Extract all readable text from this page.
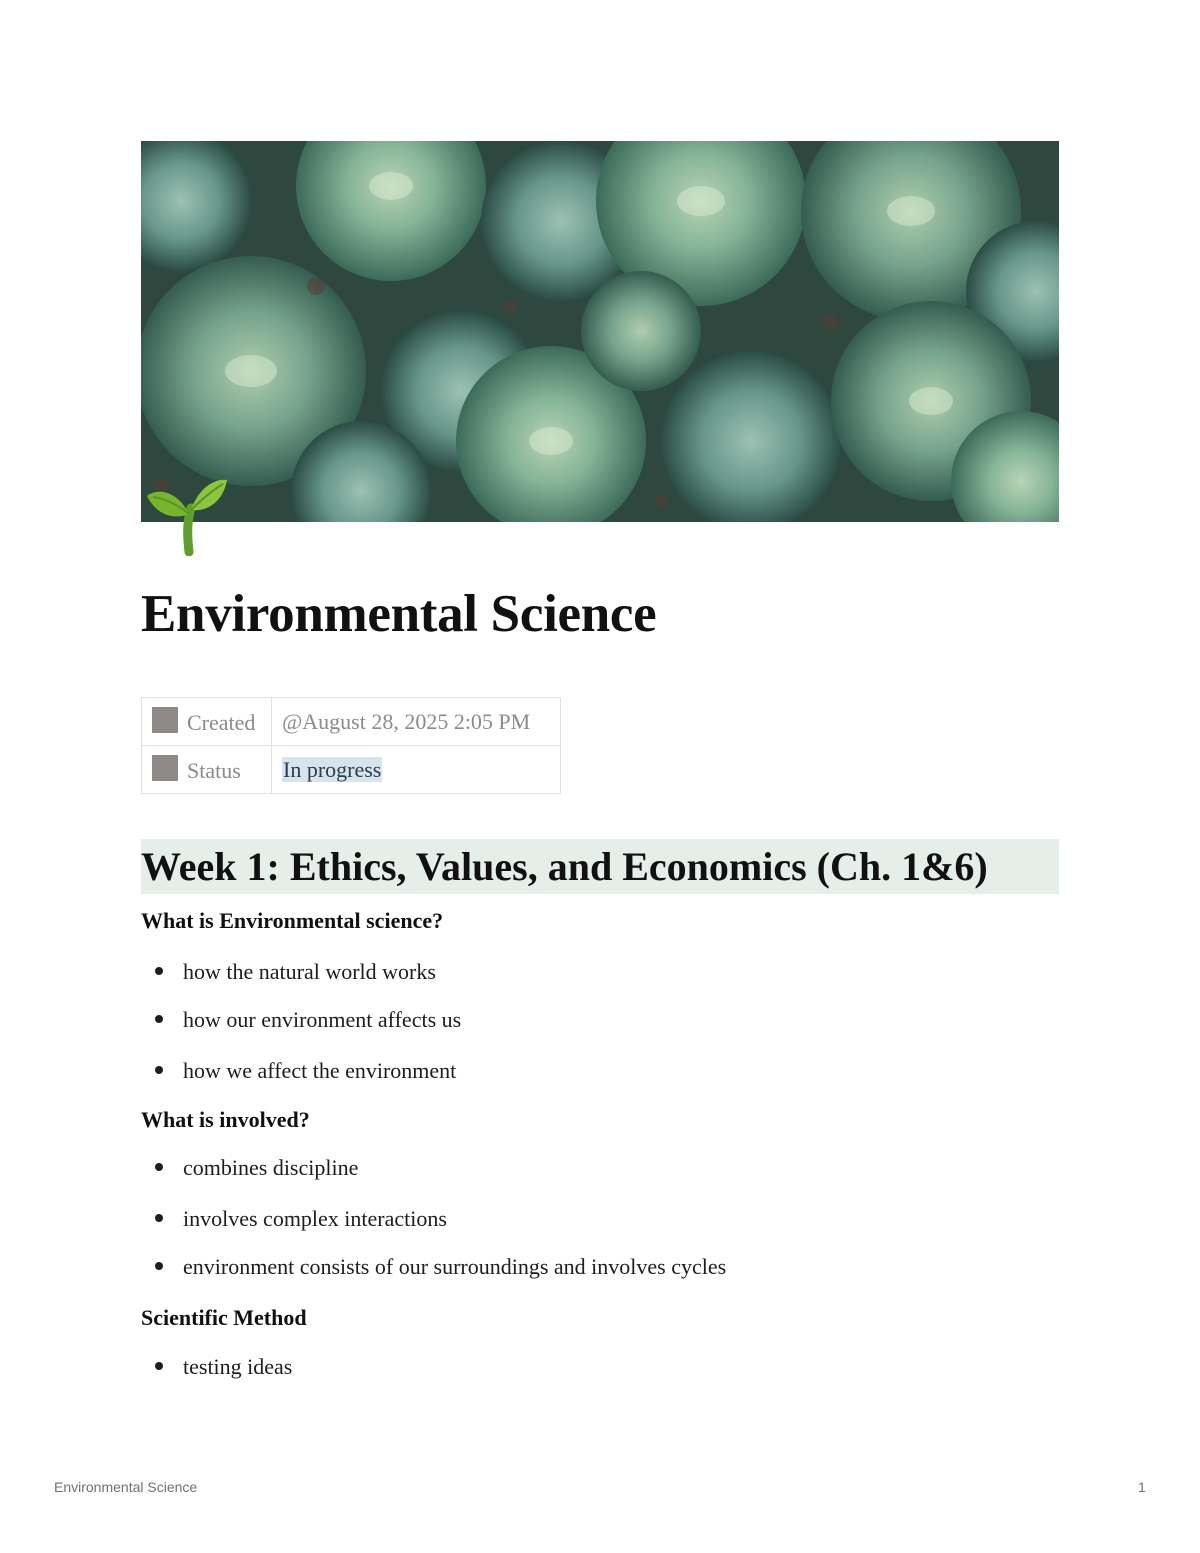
Environmental Science
Created	@August 28, 2025 2:05 PM
Status	In progress
Week 1: Ethics, Values, and Economics (Ch. 1&6)
What is Environmental science?
how the natural world works
how our environment affects us
how we affect the environment
What is involved?
combines discipline
involves complex interactions
environment consists of our surroundings and involves cycles
Scientific Method
testing ideas
Environmental Science	1
